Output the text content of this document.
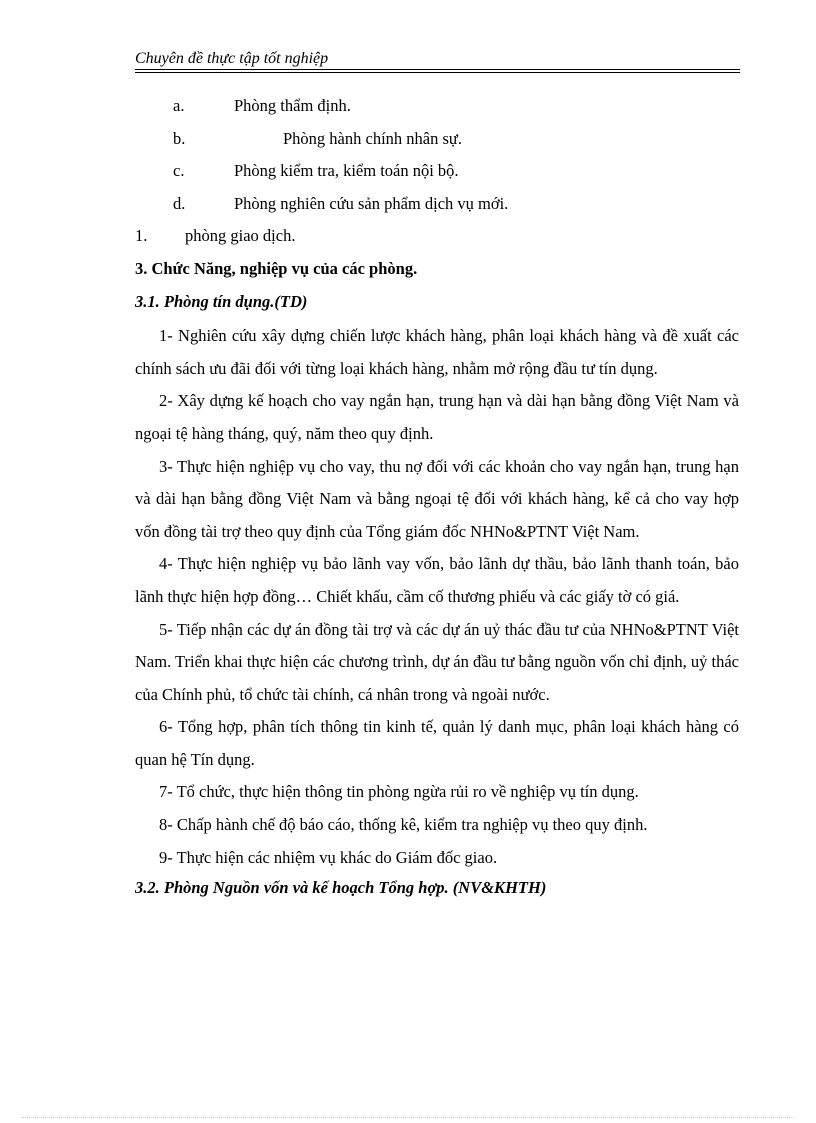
Chuyên đề thực tập tốt nghiệp
a.	Phòng thẩm định.
b.	Phòng hành chính nhân sự.
c.	Phòng kiểm tra, kiểm toán nội bộ.
d.	Phòng nghiên cứu sản phẩm dịch vụ mới.
1. phòng giao dịch.
3. Chức Năng, nghiệp vụ của các phòng.
3.1. Phòng tín dụng.(TD)

1- Nghiên cứu xây dựng chiến lược khách hàng, phân loại khách hàng và đề xuất các chính sách ưu đãi đối với từng loại khách hàng, nhằm mở rộng đầu tư tín dụng.

2- Xây dựng kế hoạch cho vay ngắn hạn, trung hạn và dài hạn bằng đồng Việt Nam và ngoại tệ hàng tháng, quý, năm theo quy định.

3- Thực hiện nghiệp vụ cho vay, thu nợ đối với các khoản cho vay ngắn hạn, trung hạn và dài hạn bằng đồng Việt Nam và bằng ngoại tệ đối với khách hàng, kể cả cho vay hợp vốn đồng tài trợ theo quy định của Tổng giám đốc NHNo&PTNT Việt Nam.

4- Thực hiện nghiệp vụ bảo lãnh vay vốn, bảo lãnh dự thầu, bảo lãnh thanh toán, bảo lãnh thực hiện hợp đồng… Chiết khấu, cầm cố thương phiếu và các giấy tờ có giá.

5- Tiếp nhận các dự án đồng tài trợ và các dự án uỷ thác đầu tư của NHNo&PTNT Việt Nam. Triển khai thực hiện các chương trình, dự án đầu tư bằng nguồn vốn chỉ định, uỷ thác của Chính phủ, tổ chức tài chính, cá nhân trong và ngoài nước.

6- Tổng hợp, phân tích thông tin kinh tế, quản lý danh mục, phân loại khách hàng có quan hệ Tín dụng.

7- Tổ chức, thực hiện thông tin phòng ngừa rủi ro về nghiệp vụ tín dụng.

8- Chấp hành chế độ báo cáo, thống kê, kiểm tra nghiệp vụ theo quy định.

9- Thực hiện các nhiệm vụ khác do Giám đốc giao.

3.2. Phòng Nguồn vốn và kế hoạch Tổng hợp. (NV&KHTH)
